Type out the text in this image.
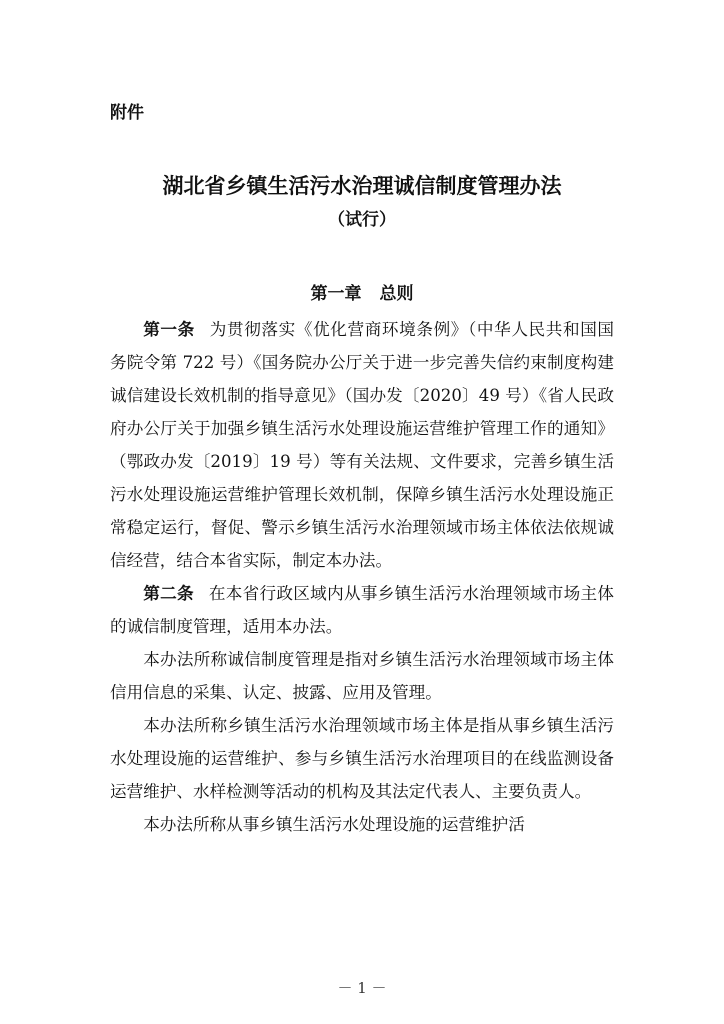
附件
湖北省乡镇生活污水治理诚信制度管理办法
（试行）
第一章 总则

第一条 为贯彻落实《优化营商环境条例》（中华人民共和国国务院令第 722 号）《国务院办公厅关于进一步完善失信约束制度构建诚信建设长效机制的指导意见》（国办发〔2020〕49 号）《省人民政府办公厅关于加强乡镇生活污水处理设施运营维护管理工作的通知》（鄂政办发〔2019〕19 号）等有关法规、文件要求，完善乡镇生活污水处理设施运营维护管理长效机制，保障乡镇生活污水处理设施正常稳定运行，督促、警示乡镇生活污水治理领域市场主体依法依规诚信经营，结合本省实际，制定本办法。

第二条 在本省行政区域内从事乡镇生活污水治理领域市场主体的诚信制度管理，适用本办法。

本办法所称诚信制度管理是指对乡镇生活污水治理领域市场主体信用信息的采集、认定、披露、应用及管理。

本办法所称乡镇生活污水治理领域市场主体是指从事乡镇生活污水处理设施的运营维护、参与乡镇生活污水治理项目的在线监测设备运营维护、水样检测等活动的机构及其法定代表人、主要负责人。

本办法所称从事乡镇生活污水处理设施的运营维护活

－ 1 －
